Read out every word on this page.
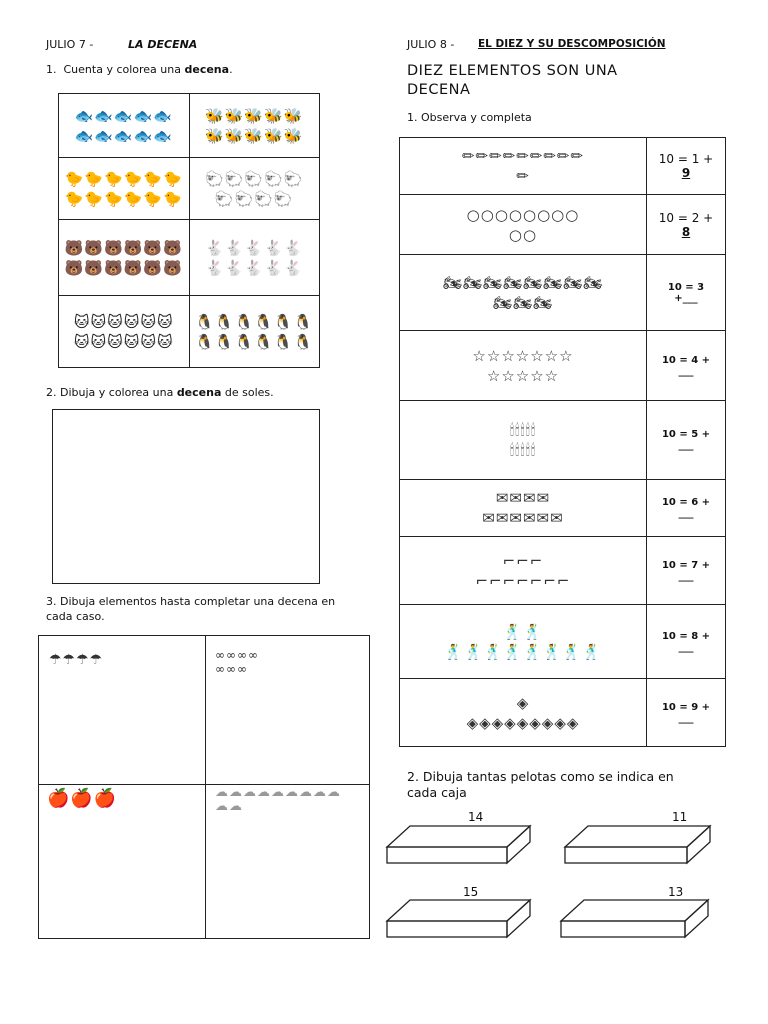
JULIO 7 -	LA DECENA
1. Cuenta y colorea una decena.
🐟🐟🐟🐟🐟
🐟🐟🐟🐟🐟	🐝🐝🐝🐝🐝
🐝🐝🐝🐝🐝

🐤🐤🐤🐤🐤🐤
🐤🐤🐤🐤🐤🐤	🐑🐑🐑🐑🐑
🐑🐑🐑🐑

🐻🐻🐻🐻🐻🐻
🐻🐻🐻🐻🐻🐻	🐇🐇🐇🐇🐇
🐇🐇🐇🐇🐇

🐱🐱🐱🐱🐱🐱
🐱🐱🐱🐱🐱🐱	🐧🐧🐧🐧🐧🐧
🐧🐧🐧🐧🐧🐧
2. Dibuja y colorea una decena de soles.
3. Dibuja elementos hasta completar una decena en
cada caso.
☂☂☂☂	∞∞∞∞
∞∞∞
🍎🍎🍎	☁☁☁☁☁☁☁☁☁
☁☁
JULIO 8 - EL DIEZ Y SU DESCOMPOSICIÓN
DIEZ ELEMENTOS SON UNA
DECENA
1. Observa y completa
✏✏✏✏✏✏✏✏✏
✏	10 = 1 +
9

○○○○○○○○
○○	10 = 2 +
8

🏍🏍🏍🏍🏍🏍🏍🏍
🏍🏍🏍	10 = 3
+___
☆☆☆☆☆☆☆
☆☆☆☆☆	10 = 4 +
___
🕯🕯🕯🕯🕯
🕯🕯🕯🕯🕯	10 = 5 +
___
✉✉✉✉
✉✉✉✉✉✉	10 = 6 +
___
⌐⌐⌐
⌐⌐⌐⌐⌐⌐⌐	10 = 7 +
___
🕺🕺
🕺🕺🕺🕺🕺🕺🕺🕺	10 = 8 +
___
◈
◈◈◈◈◈◈◈◈◈	10 = 9 +
___
2. Dibuja tantas pelotas como se indica en
cada caja
14	11
15	13
